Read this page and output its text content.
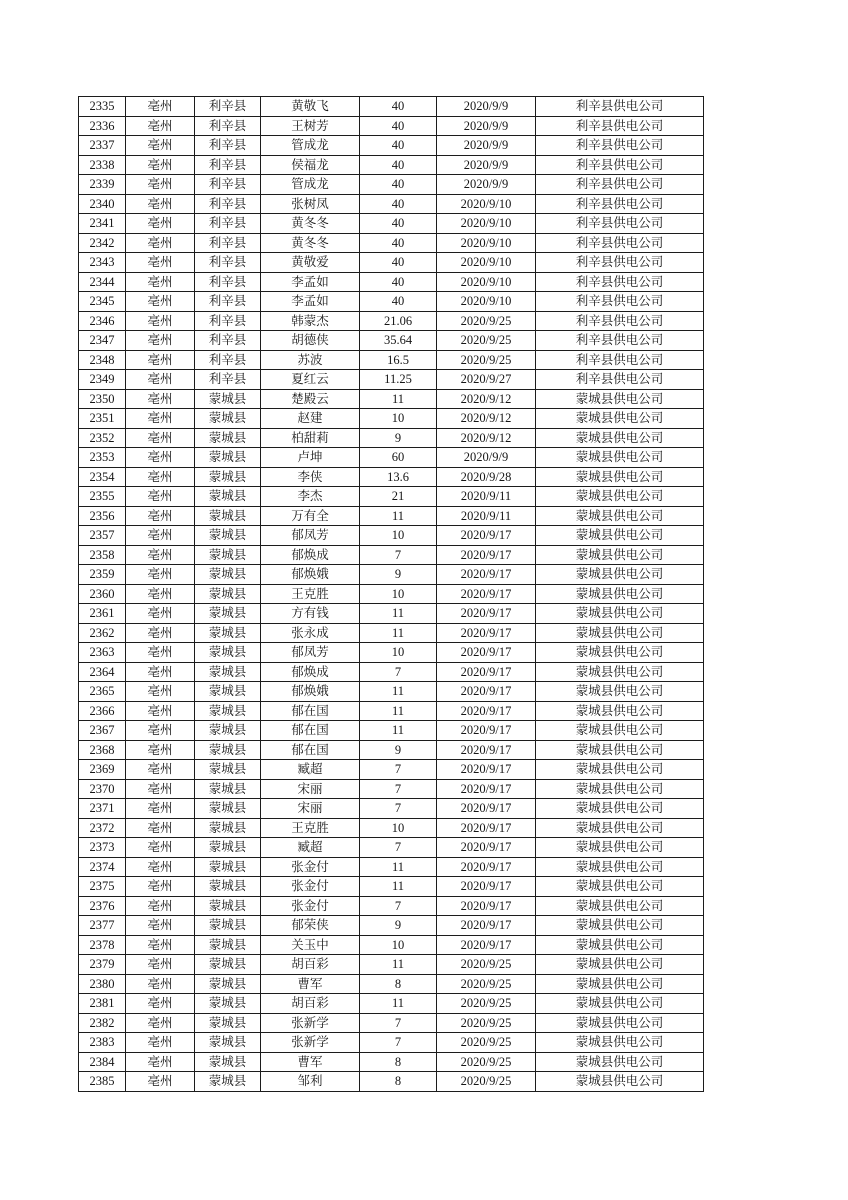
2335	亳州	利辛县	黄敬飞	40	2020/9/9	利辛县供电公司
2336	亳州	利辛县	王树芳	40	2020/9/9	利辛县供电公司
2337	亳州	利辛县	管成龙	40	2020/9/9	利辛县供电公司
2338	亳州	利辛县	侯福龙	40	2020/9/9	利辛县供电公司
2339	亳州	利辛县	管成龙	40	2020/9/9	利辛县供电公司
2340	亳州	利辛县	张树凤	40	2020/9/10	利辛县供电公司
2341	亳州	利辛县	黄冬冬	40	2020/9/10	利辛县供电公司
2342	亳州	利辛县	黄冬冬	40	2020/9/10	利辛县供电公司
2343	亳州	利辛县	黄敬爱	40	2020/9/10	利辛县供电公司
2344	亳州	利辛县	李孟如	40	2020/9/10	利辛县供电公司
2345	亳州	利辛县	李孟如	40	2020/9/10	利辛县供电公司
2346	亳州	利辛县	韩蒙杰	21.06	2020/9/25	利辛县供电公司
2347	亳州	利辛县	胡德侠	35.64	2020/9/25	利辛县供电公司
2348	亳州	利辛县	苏波	16.5	2020/9/25	利辛县供电公司
2349	亳州	利辛县	夏红云	11.25	2020/9/27	利辛县供电公司
2350	亳州	蒙城县	楚殿云	11	2020/9/12	蒙城县供电公司
2351	亳州	蒙城县	赵建	10	2020/9/12	蒙城县供电公司
2352	亳州	蒙城县	柏甜莉	9	2020/9/12	蒙城县供电公司
2353	亳州	蒙城县	卢坤	60	2020/9/9	蒙城县供电公司
2354	亳州	蒙城县	李侠	13.6	2020/9/28	蒙城县供电公司
2355	亳州	蒙城县	李杰	21	2020/9/11	蒙城县供电公司
2356	亳州	蒙城县	万有全	11	2020/9/11	蒙城县供电公司
2357	亳州	蒙城县	郁凤芳	10	2020/9/17	蒙城县供电公司
2358	亳州	蒙城县	郁焕成	7	2020/9/17	蒙城县供电公司
2359	亳州	蒙城县	郁焕娥	9	2020/9/17	蒙城县供电公司
2360	亳州	蒙城县	王克胜	10	2020/9/17	蒙城县供电公司
2361	亳州	蒙城县	方有钱	11	2020/9/17	蒙城县供电公司
2362	亳州	蒙城县	张永成	11	2020/9/17	蒙城县供电公司
2363	亳州	蒙城县	郁凤芳	10	2020/9/17	蒙城县供电公司
2364	亳州	蒙城县	郁焕成	7	2020/9/17	蒙城县供电公司
2365	亳州	蒙城县	郁焕娥	11	2020/9/17	蒙城县供电公司
2366	亳州	蒙城县	郁在国	11	2020/9/17	蒙城县供电公司
2367	亳州	蒙城县	郁在国	11	2020/9/17	蒙城县供电公司
2368	亳州	蒙城县	郁在国	9	2020/9/17	蒙城县供电公司
2369	亳州	蒙城县	臧超	7	2020/9/17	蒙城县供电公司
2370	亳州	蒙城县	宋丽	7	2020/9/17	蒙城县供电公司
2371	亳州	蒙城县	宋丽	7	2020/9/17	蒙城县供电公司
2372	亳州	蒙城县	王克胜	10	2020/9/17	蒙城县供电公司
2373	亳州	蒙城县	臧超	7	2020/9/17	蒙城县供电公司
2374	亳州	蒙城县	张金付	11	2020/9/17	蒙城县供电公司
2375	亳州	蒙城县	张金付	11	2020/9/17	蒙城县供电公司
2376	亳州	蒙城县	张金付	7	2020/9/17	蒙城县供电公司
2377	亳州	蒙城县	郁荣侠	9	2020/9/17	蒙城县供电公司
2378	亳州	蒙城县	关玉中	10	2020/9/17	蒙城县供电公司
2379	亳州	蒙城县	胡百彩	11	2020/9/25	蒙城县供电公司
2380	亳州	蒙城县	曹军	8	2020/9/25	蒙城县供电公司
2381	亳州	蒙城县	胡百彩	11	2020/9/25	蒙城县供电公司
2382	亳州	蒙城县	张新学	7	2020/9/25	蒙城县供电公司
2383	亳州	蒙城县	张新学	7	2020/9/25	蒙城县供电公司
2384	亳州	蒙城县	曹军	8	2020/9/25	蒙城县供电公司
2385	亳州	蒙城县	邹利	8	2020/9/25	蒙城县供电公司
